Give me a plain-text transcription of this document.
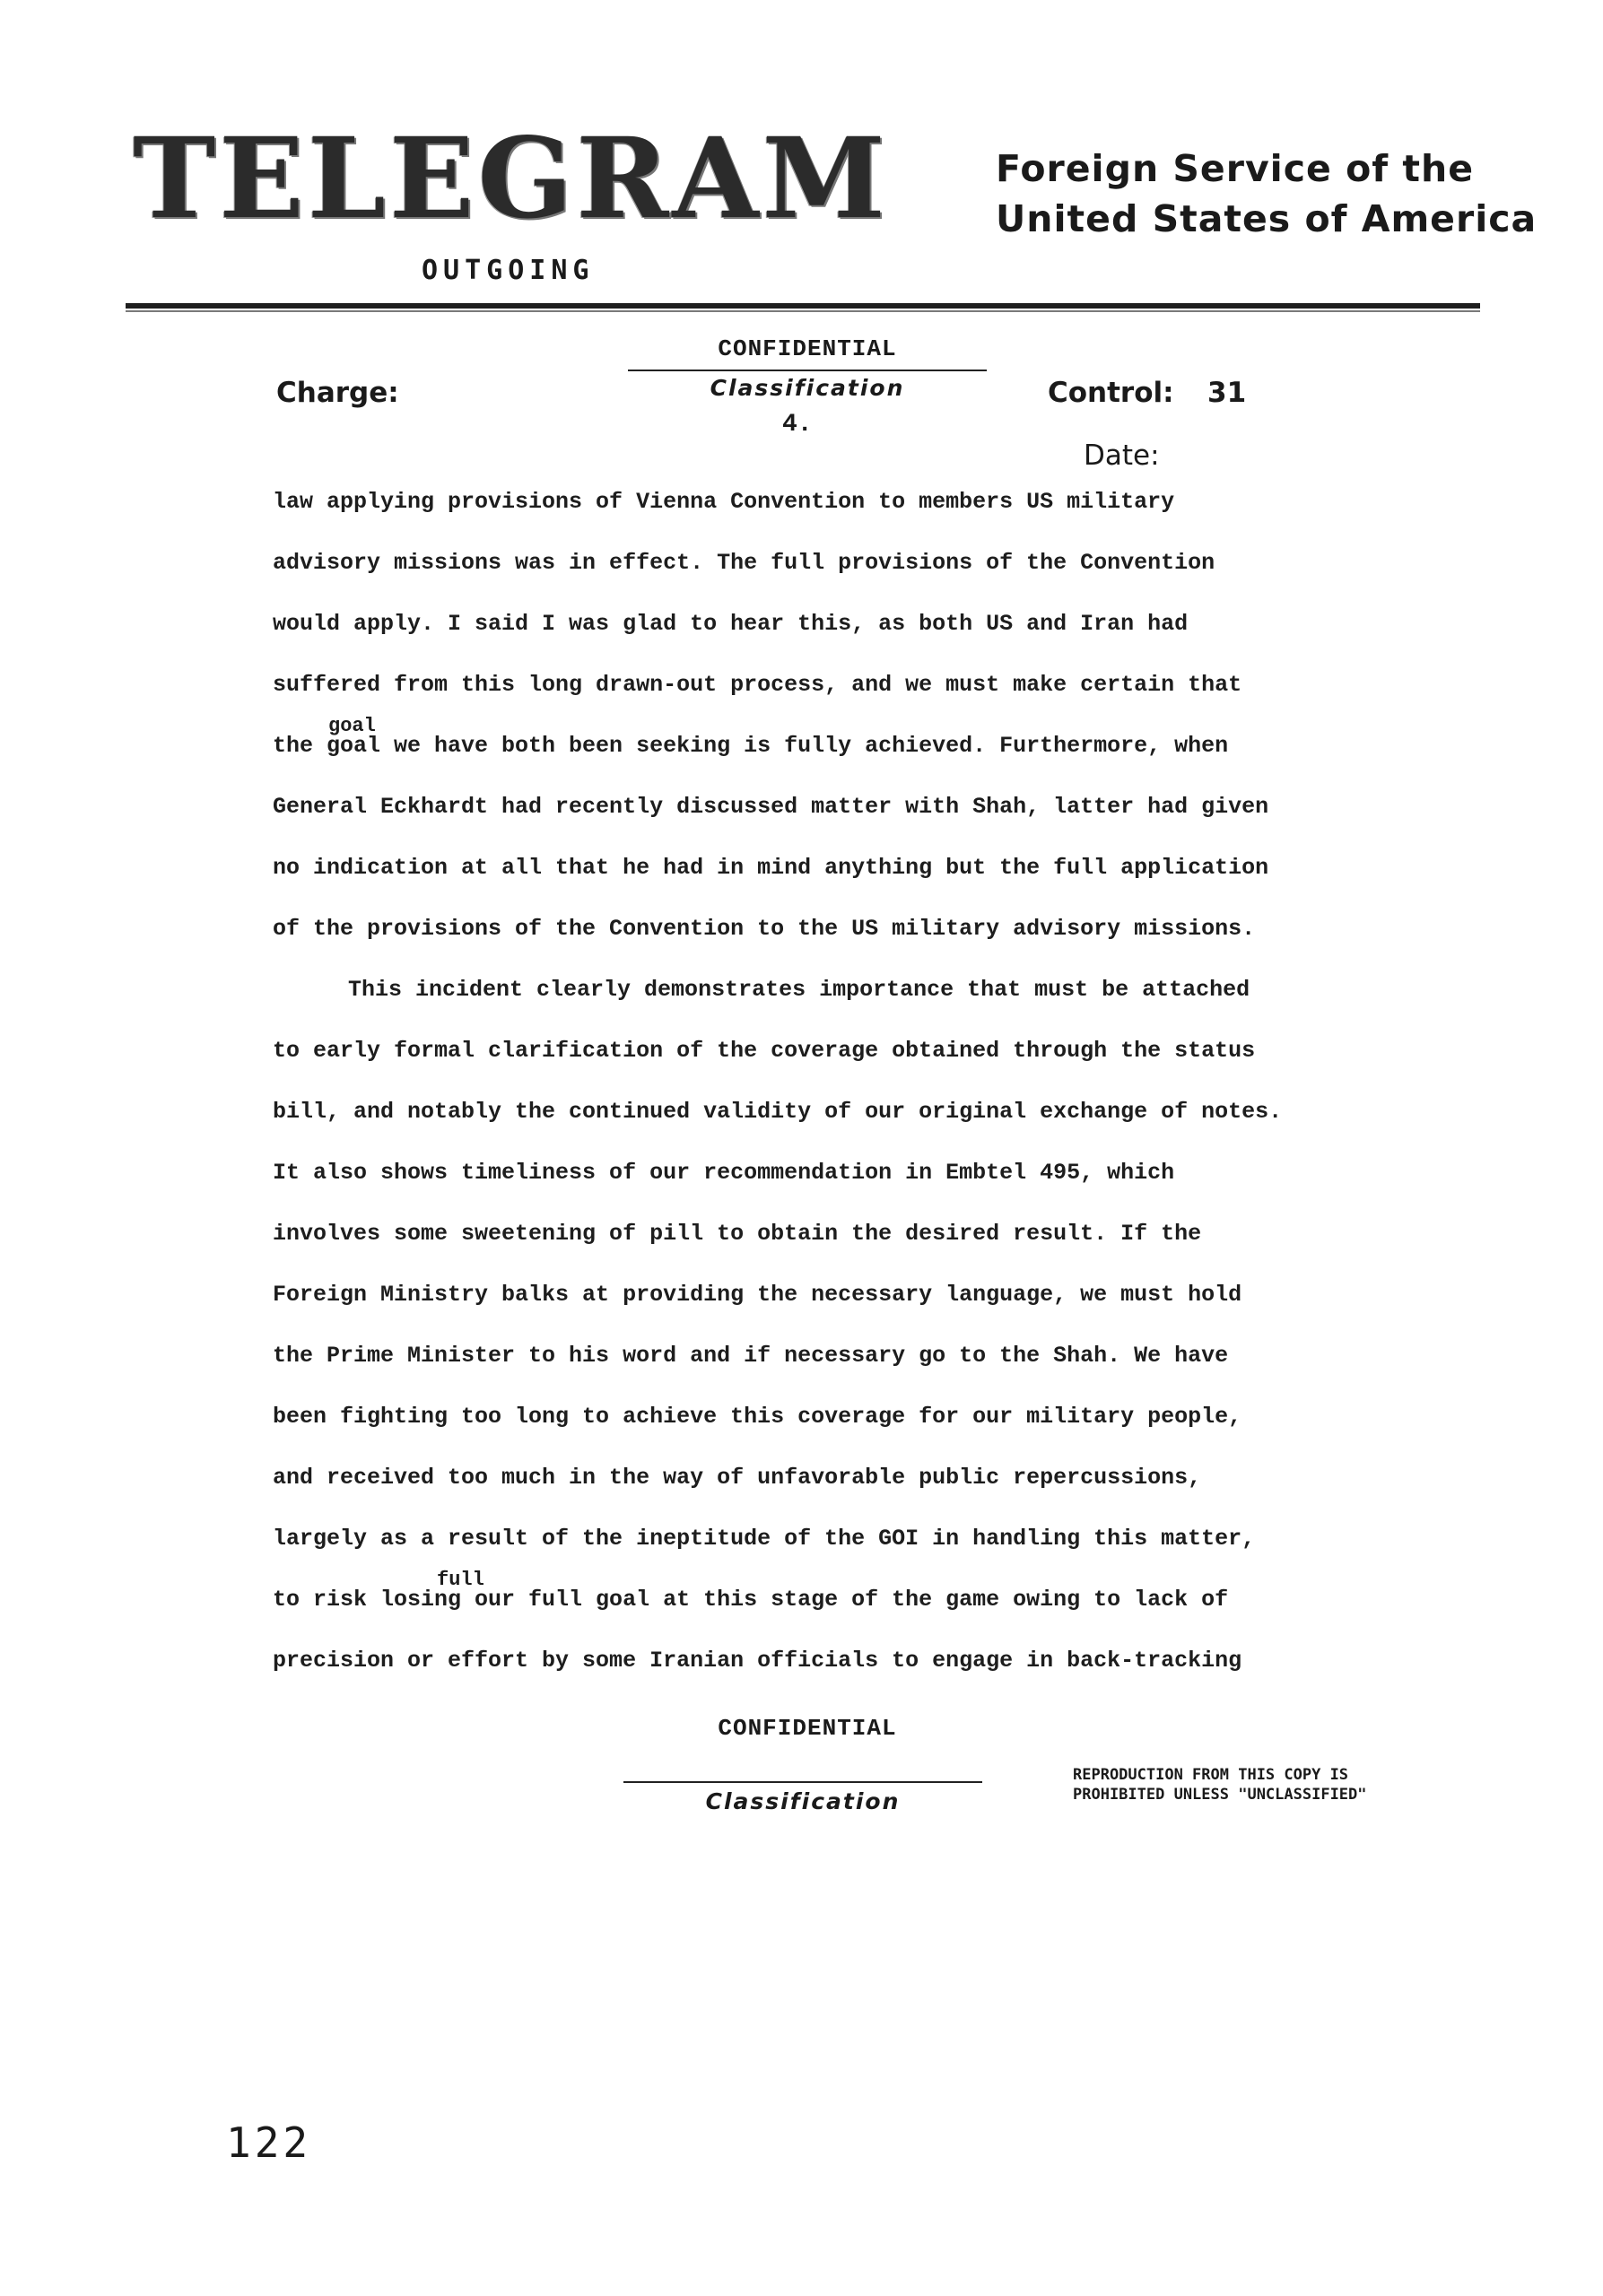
TELEGRAM	Foreign Service of the
United States of America
OUTGOING
CONFIDENTIAL
Classification
4.
Charge:	Control: 31
Date:
law applying provisions of Vienna Convention to members US military
advisory missions was in effect. The full provisions of the Convention
would apply. I said I was glad to hear this, as both US and Iran had
suffered from this long drawn-out process, and we must make certain that
goal
the goal we have both been seeking is fully achieved. Furthermore, when
General Eckhardt had recently discussed matter with Shah, latter had given
no indication at all that he had in mind anything but the full application
of the provisions of the Convention to the US military advisory missions.
This incident clearly demonstrates importance that must be attached
to early formal clarification of the coverage obtained through the status
bill, and notably the continued validity of our original exchange of notes.
It also shows timeliness of our recommendation in Embtel 495, which
involves some sweetening of pill to obtain the desired result. If the
Foreign Ministry balks at providing the necessary language, we must hold
the Prime Minister to his word and if necessary go to the Shah. We have
been fighting too long to achieve this coverage for our military people,
and received too much in the way of unfavorable public repercussions,
largely as a result of the ineptitude of the GOI in handling this matter,
full
to risk losing our full goal at this stage of the game owing to lack of
precision or effort by some Iranian officials to engage in back-tracking
CONFIDENTIAL
Classification
REPRODUCTION FROM THIS COPY IS
PROHIBITED UNLESS "UNCLASSIFIED"
122
